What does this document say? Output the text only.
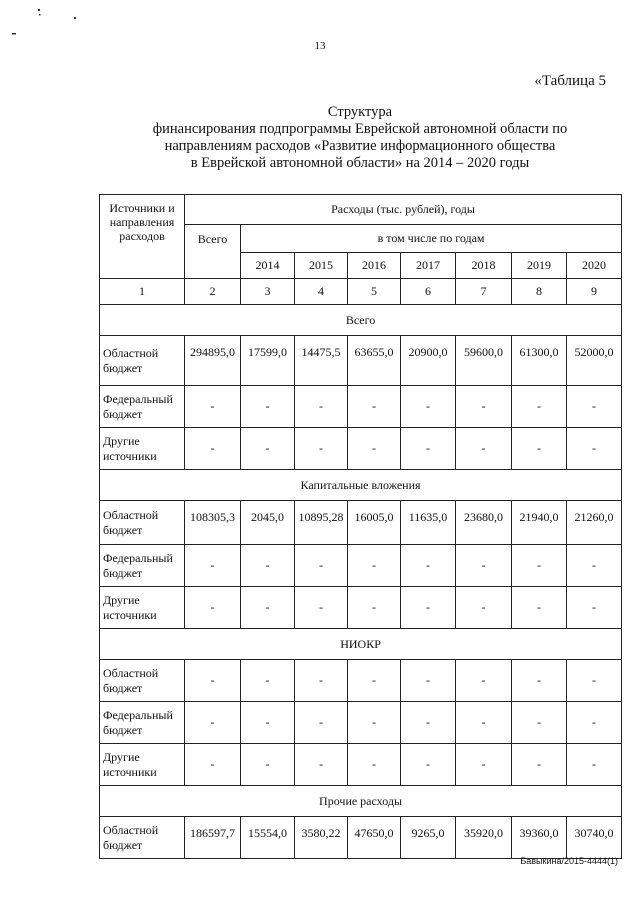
13
«Таблица 5
Структура
финансирования подпрограммы Еврейской автономной области по
направлениям расходов «Развитие информационного общества
в Еврейской автономной области» на 2014 – 2020 годы
Источники и направления расходов	Расходы (тыс. рублей), годы							
	Всего	в том числе по годам						
		2014	2015	2016	2017	2018	2019	2020
1	2	3	4	5	6	7	8	9
Всего								
Областной бюджет	294895,0	17599,0	14475,5	63655,0	20900,0	59600,0	61300,0	52000,0
Федеральный бюджет	-	-	-	-	-	-	-	-
Другие источники	-	-	-	-	-	-	-	-
Капитальные вложения								
Областной бюджет	108305,3	2045,0	10895,28	16005,0	11635,0	23680,0	21940,0	21260,0
Федеральный бюджет	-	-	-	-	-	-	-	-
Другие источники	-	-	-	-	-	-	-	-
НИОКР								
Областной бюджет	-	-	-	-	-	-	-	-
Федеральный бюджет	-	-	-	-	-	-	-	-
Другие источники	-	-	-	-	-	-	-	-
Прочие расходы								
Областной бюджет	186597,7	15554,0	3580,22	47650,0	9265,0	35920,0	39360,0	30740,0
Бавыкина/2015-4444(1)
